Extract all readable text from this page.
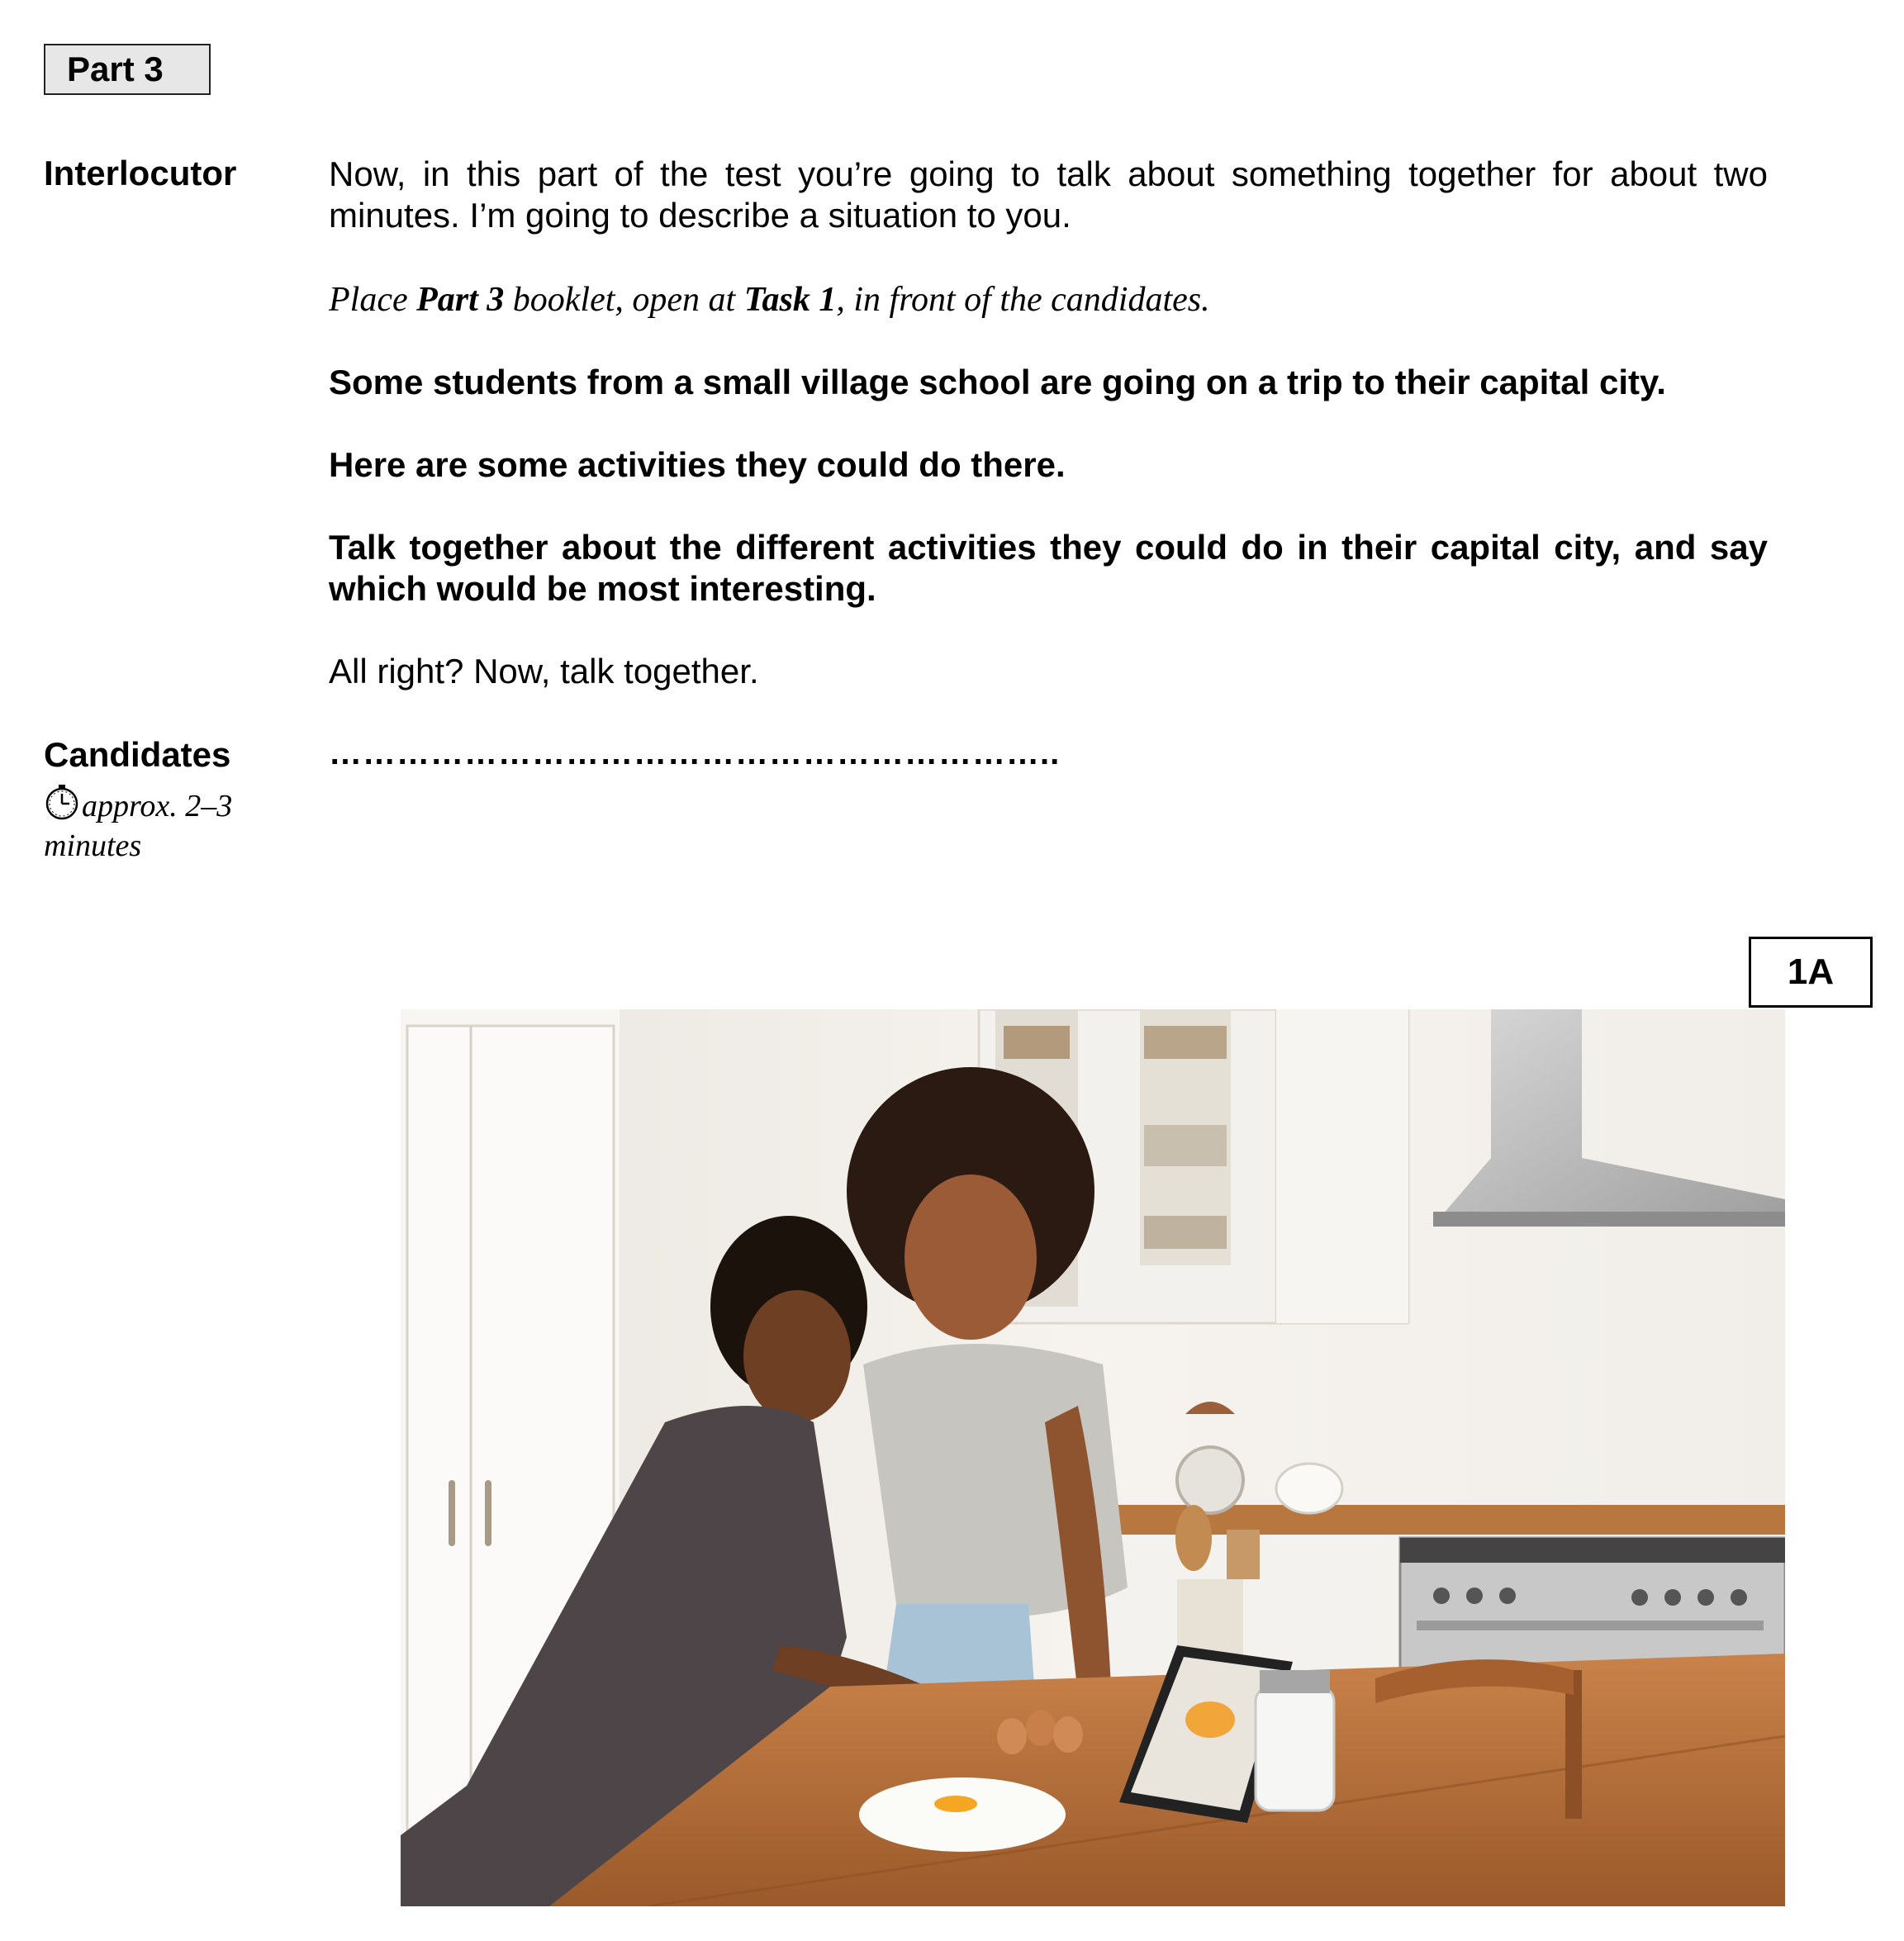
Part 3
Interlocutor	Now, in this part of the test you’re going to talk about something together for about two minutes. I’m going to describe a situation to you.
Place Part 3 booklet, open at Task 1, in front of the candidates.
Some students from a small village school are going on a trip to their capital city.
Here are some activities they could do there.
Talk together about the different activities they could do in their capital city, and say which would be most interesting.
All right? Now, talk together.
Candidates	………………………………………………………..
approx. 2–3 minutes
1A
